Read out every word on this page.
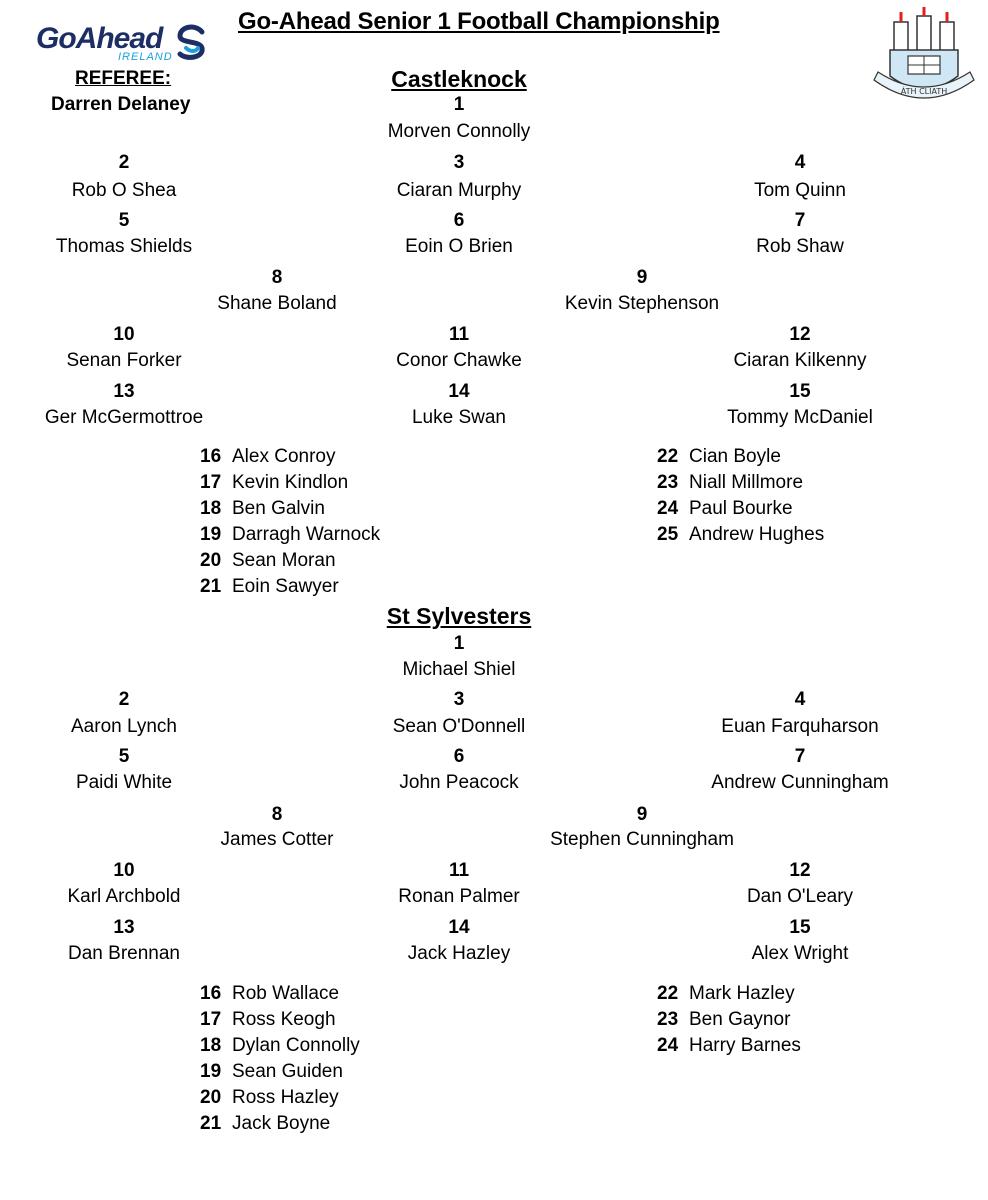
GoAhead
IRELAND
Go-Ahead Senior 1 Football Championship
ÁTH CLIATH
REFEREE:
Darren Delaney
Castleknock
1
Morven Connolly
2
Rob O Shea
3
Ciaran Murphy
4
Tom Quinn
5
Thomas Shields
6
Eoin O Brien
7
Rob Shaw
8
Shane Boland
9
Kevin Stephenson
10
Senan Forker
11
Conor Chawke
12
Ciaran Kilkenny
13
Ger McGermottroe
14
Luke Swan
15
Tommy McDaniel
16 Alex Conroy
17 Kevin Kindlon
18 Ben Galvin
19 Darragh Warnock
20 Sean Moran
21 Eoin Sawyer
22 Cian Boyle
23 Niall Millmore
24 Paul Bourke
25 Andrew Hughes
St Sylvesters
1
Michael Shiel
2
Aaron Lynch
3
Sean O'Donnell
4
Euan Farquharson
5
Paidi White
6
John Peacock
7
Andrew Cunningham
8
James Cotter
9
Stephen Cunningham
10
Karl Archbold
11
Ronan Palmer
12
Dan O'Leary
13
Dan Brennan
14
Jack Hazley
15
Alex Wright
16 Rob Wallace
17 Ross Keogh
18 Dylan Connolly
19 Sean Guiden
20 Ross Hazley
21 Jack Boyne
22 Mark Hazley
23 Ben Gaynor
24 Harry Barnes
